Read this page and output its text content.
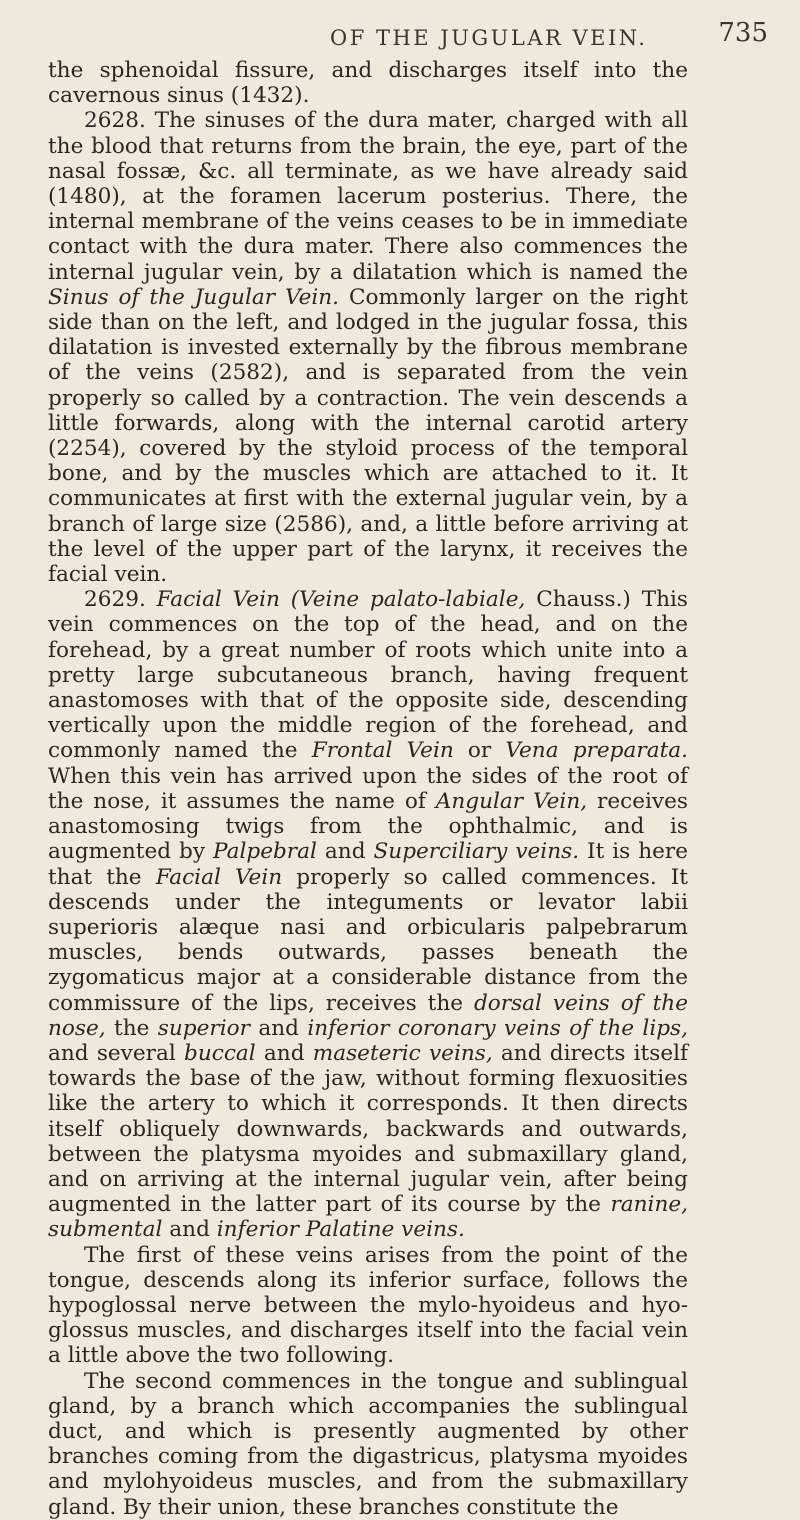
OF THE JUGULAR VEIN.	735

the sphenoidal fissure, and discharges itself into the cavernous sinus (1432).

2628. The sinuses of the dura mater, charged with all the blood that returns from the brain, the eye, part of the nasal fossæ, &c. all terminate, as we have already said (1480), at the foramen lacerum posterius. There, the internal membrane of the veins ceases to be in immediate contact with the dura mater. There also commences the internal jugular vein, by a dilatation which is named the Sinus of the Jugular Vein. Commonly larger on the right side than on the left, and lodged in the jugular fossa, this dilatation is invested externally by the fibrous membrane of the veins (2582), and is separated from the vein properly so called by a contraction. The vein descends a little forwards, along with the internal carotid artery (2254), covered by the styloid process of the temporal bone, and by the muscles which are attached to it. It communicates at first with the external jugular vein, by a branch of large size (2586), and, a little before arriving at the level of the upper part of the larynx, it receives the facial vein.

2629. Facial Vein (Veine palato-labiale, Chauss.) This vein commences on the top of the head, and on the forehead, by a great number of roots which unite into a pretty large subcutaneous branch, having frequent anastomoses with that of the opposite side, descending vertically upon the middle region of the forehead, and commonly named the Frontal Vein or Vena preparata. When this vein has arrived upon the sides of the root of the nose, it assumes the name of Angular Vein, receives anastomosing twigs from the ophthalmic, and is augmented by Palpebral and Superciliary veins. It is here that the Facial Vein properly so called commences. It descends under the integuments or levator labii superioris alæque nasi and orbicularis palpebrarum muscles, bends outwards, passes beneath the zygomaticus major at a considerable distance from the commissure of the lips, receives the dorsal veins of the nose, the superior and inferior coronary veins of the lips, and several buccal and maseteric veins, and directs itself towards the base of the jaw, without forming flexuosities like the artery to which it corresponds. It then directs itself obliquely downwards, backwards and outwards, between the platysma myoides and submaxillary gland, and on arriving at the internal jugular vein, after being augmented in the latter part of its course by the ranine, submental and inferior Palatine veins.

The first of these veins arises from the point of the tongue, descends along its inferior surface, follows the hypoglossal nerve between the mylo-hyoideus and hyo-glossus muscles, and discharges itself into the facial vein a little above the two following.

The second commences in the tongue and sublingual gland, by a branch which accompanies the sublingual duct, and which is presently augmented by other branches coming from the digastricus, platysma myoides and mylohyoideus muscles, and from the submaxillary gland. By their union, these branches constitute the
